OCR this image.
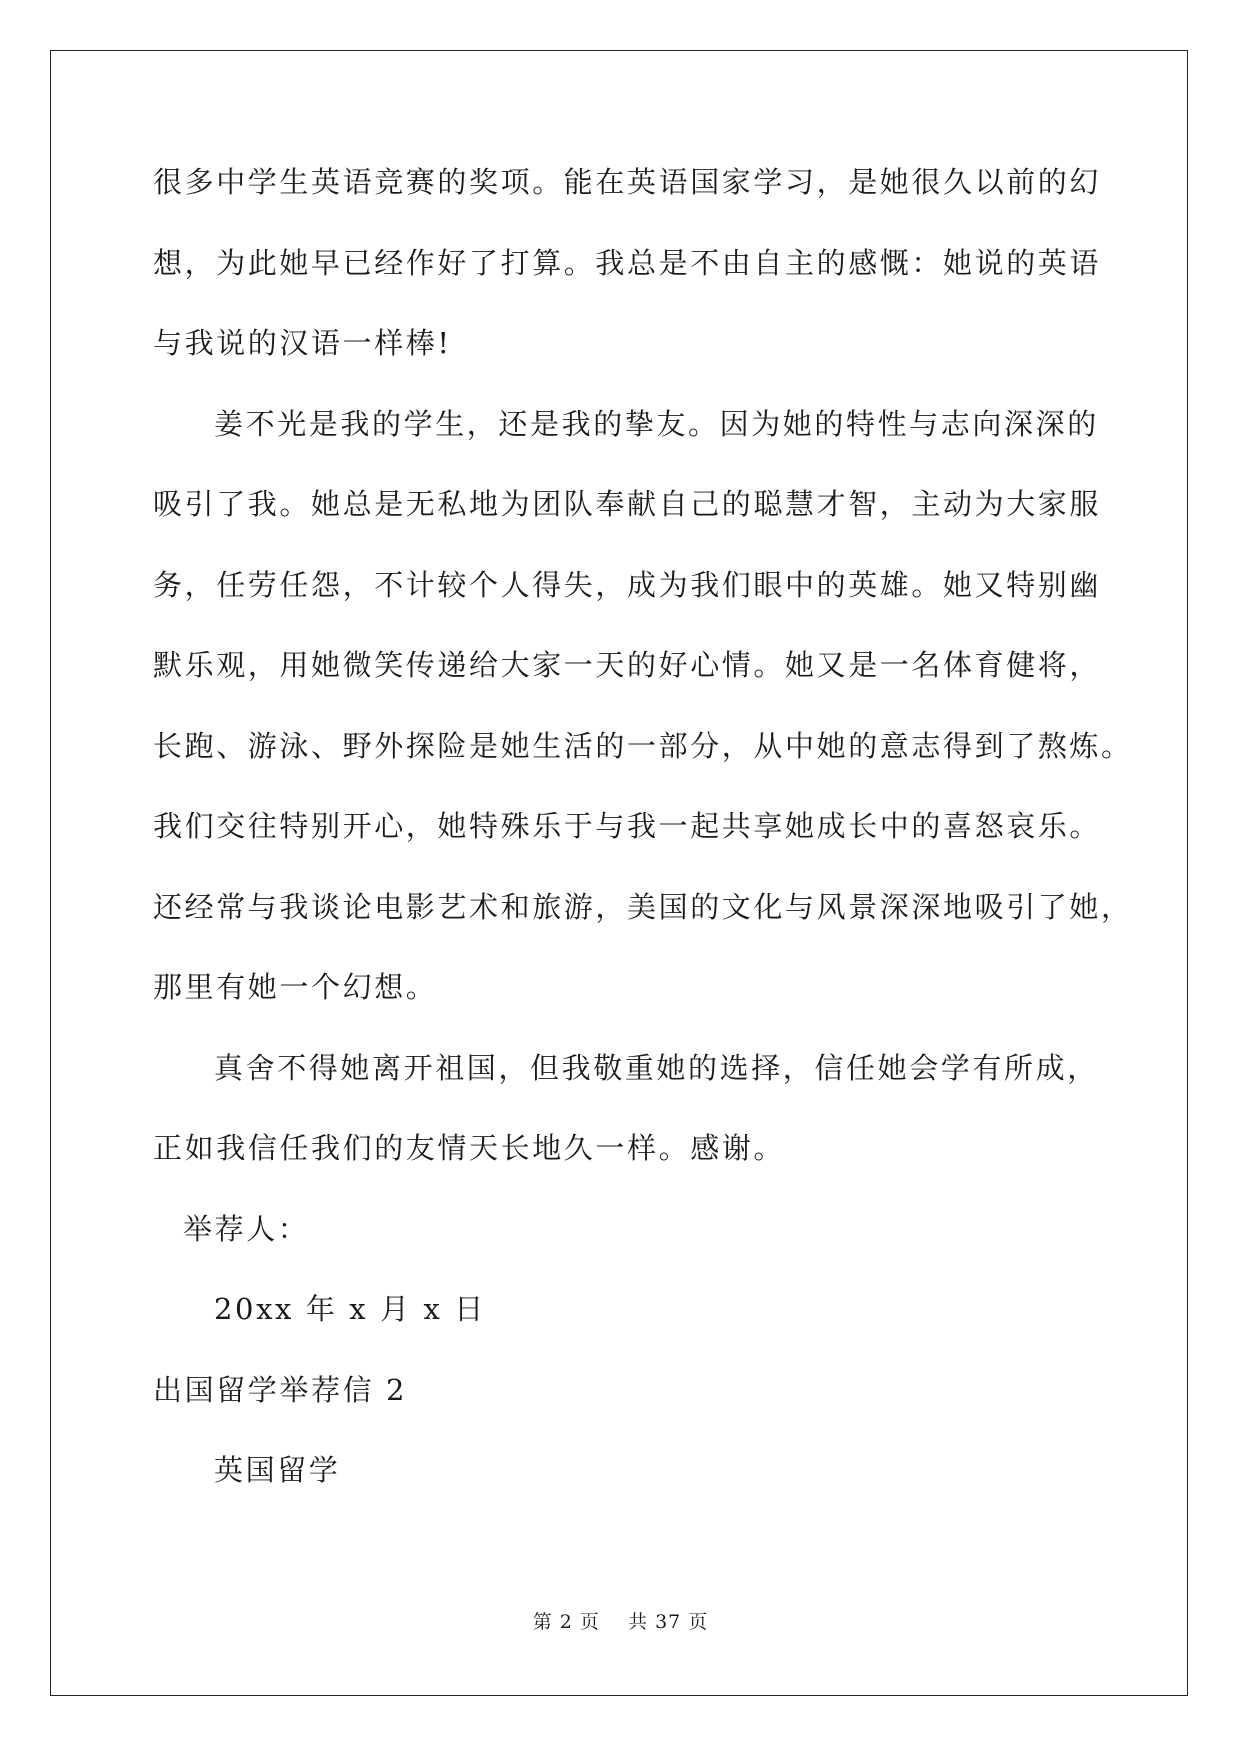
很多中学生英语竞赛的奖项。能在英语国家学习，是她很久以前的幻
想，为此她早已经作好了打算。我总是不由自主的感慨：她说的英语
与我说的汉语一样棒!
姜不光是我的学生，还是我的挚友。因为她的特性与志向深深的
吸引了我。她总是无私地为团队奉献自己的聪慧才智，主动为大家服
务，任劳任怨，不计较个人得失，成为我们眼中的英雄。她又特别幽
默乐观，用她微笑传递给大家一天的好心情。她又是一名体育健将，
长跑、游泳、野外探险是她生活的一部分，从中她的意志得到了熬炼。
我们交往特别开心，她特殊乐于与我一起共享她成长中的喜怒哀乐。
还经常与我谈论电影艺术和旅游，美国的文化与风景深深地吸引了她，
那里有她一个幻想。
真舍不得她离开祖国，但我敬重她的选择，信任她会学有所成，
正如我信任我们的友情天长地久一样。感谢。
举荐人：
20xx 年 x 月 x 日
出国留学举荐信 2
英国留学
第 2 页    共 37 页
